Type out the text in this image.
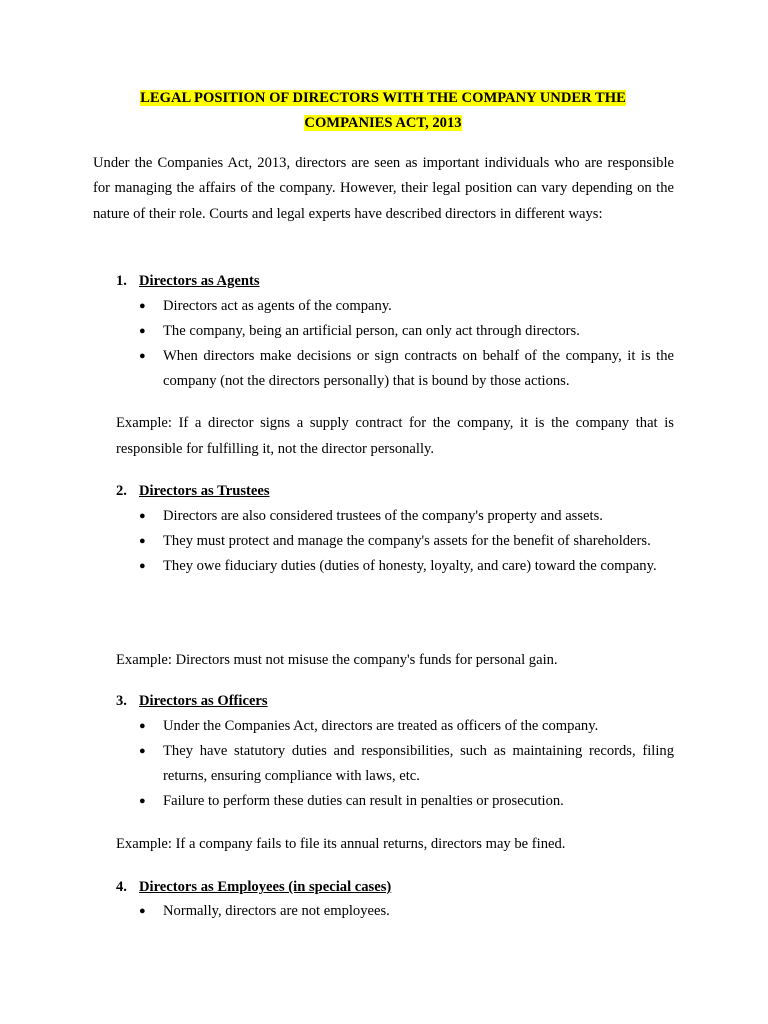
LEGAL POSITION OF DIRECTORS WITH THE COMPANY UNDER THE
COMPANIES ACT, 2013
Under the Companies Act, 2013, directors are seen as important individuals who are responsible for managing the affairs of the company. However, their legal position can vary depending on the nature of their role. Courts and legal experts have described directors in different ways:
1. Directors as Agents
● Directors act as agents of the company.
● The company, being an artificial person, can only act through directors.
● When directors make decisions or sign contracts on behalf of the company, it is the company (not the directors personally) that is bound by those actions.
Example: If a director signs a supply contract for the company, it is the company that is responsible for fulfilling it, not the director personally.
2. Directors as Trustees
● Directors are also considered trustees of the company's property and assets.
● They must protect and manage the company's assets for the benefit of shareholders.
● They owe fiduciary duties (duties of honesty, loyalty, and care) toward the company.
Example: Directors must not misuse the company's funds for personal gain.
3. Directors as Officers
● Under the Companies Act, directors are treated as officers of the company.
● They have statutory duties and responsibilities, such as maintaining records, filing returns, ensuring compliance with laws, etc.
● Failure to perform these duties can result in penalties or prosecution.
Example: If a company fails to file its annual returns, directors may be fined.
4. Directors as Employees (in special cases)
● Normally, directors are not employees.
